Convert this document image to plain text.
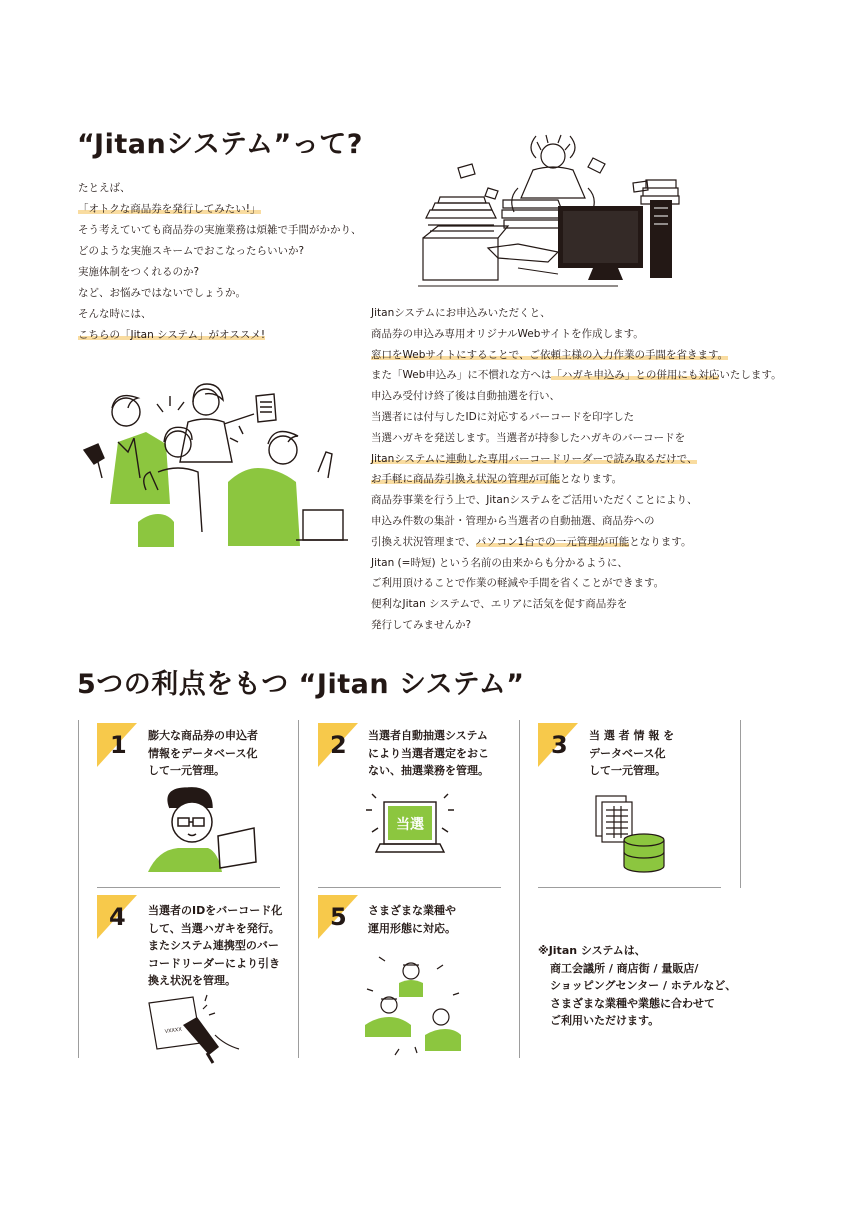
“Jitanシステム”って?
たとえば、
「オトクな商品券を発行してみたい!」
そう考えていても商品券の実施業務は煩雑で手間がかかり、
どのような実施スキームでおこなったらいいか?
実施体制をつくれるのか?
など、お悩みではないでしょうか。
そんな時には、
こちらの「Jitan システム」がオススメ!
Jitanシステムにお申込みいただくと、
商品券の申込み専用オリジナルWebサイトを作成します。
窓口をWebサイトにすることで、ご依頼主様の入力作業の手間を省きます。
また「Web申込み」に不慣れな方へは「ハガキ申込み」との併用にも対応いたします。
申込み受付け終了後は自動抽選を行い、
当選者には付与したIDに対応するバーコードを印字した
当選ハガキを発送します。当選者が持参したハガキのバーコードを
Jitanシステムに連動した専用バーコードリーダーで読み取るだけで、
お手軽に商品券引換え状況の管理が可能となります。
商品券事業を行う上で、Jitanシステムをご活用いただくことにより、
申込み件数の集計・管理から当選者の自動抽選、商品券への
引換え状況管理まで、パソコン1台での一元管理が可能となります。
Jitan (=時短) という名前の由来からも分かるように、
ご利用頂けることで作業の軽減や手間を省くことができます。
便利なJitan システムで、エリアに活気を促す商品券を
発行してみませんか?
5つの利点をもつ “Jitan システム”
1 膨大な商品券の申込者
情報をデータベース化
して一元管理。
2 当選者自動抽選システム
により当選者選定をおこ
ない、抽選業務を管理。
当選
3 当 選 者 情 報 を
データベース化
して一元管理。
4 当選者のIDをバーコード化
して、当選ハガキを発行。
またシステム連携型のバー
コードリーダーにより引き
換え状況を管理。
VXXXX
5 さまざまな業種や
運用形態に対応。
※Jitan システムは、
商工会議所 / 商店街 / 量販店/
ショッピングセンター / ホテルなど、
さまざまな業種や業態に合わせて
ご利用いただけます。
